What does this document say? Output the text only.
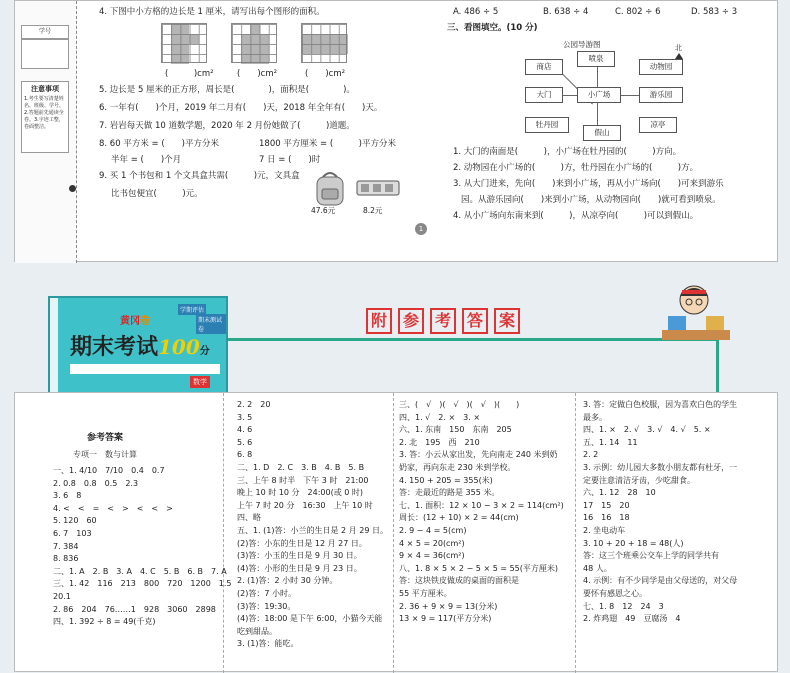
学号
注意事项
1.考生要写清楚姓名、班级、学号。2.答题前先通读全卷。3.字迹工整，卷面整洁。
4. 下图中小方格的边长是 1 厘米，请写出每个图形的面积。
(　　　)cm²	(　　)cm²	(　　)cm²
5. 边长是 5 厘米的正方形，周长是(　　　　)，面积是(　　　　)。
6. 一年有(　　)个月，2019 年二月有(　　)天，2018 年全年有(　　)天。
7. 岩岩每天做 10 道数学题，2020 年 2 月份她做了(　　　)道题。
8. 60 平方米 = (　　)平方分米	1800 平方厘米 = (　　　)平方分米
半年 = (　　)个月	7 日 = (　　)时
9. 买 1 个书包和 1 个文具盒共需(　　　)元，文具盒
比书包便宜(　　　)元。
47.6元	8.2元
1
A. 486 ÷ 5	B. 638 ÷ 4	C. 802 ÷ 6	D. 583 ÷ 3
三、看图填空。(10 分)
公园导游图	北
喷泉
商店	动物园
大门	小广场	游乐园
牡丹园
假山
凉亭
1. 大门的南面是(　　　)，小广场在牡丹园的(　　　)方向。
2. 动物园在小广场的(　　　)方，牡丹园在小广场的(　　　)方。
3. 从大门进来，先向(　　)来到小广场，再从小广场向(　　)可来到游乐
园。从游乐园向(　　)来到小广场，从动物园向(　　)就可看到喷泉。
4. 从小广场向东南来到(　　　)，从凉亭向(　　　)可以到假山。
附 参 考 答 案
黄冈卷
学期评估
期末测试卷
期末考试100分
数学
参考答案
专项一　数与计算
一、1. 4/10　7/10　0.4　0.7
2. 0.8　0.8　0.5　2.3
3. 6　8
4. <　<　=　<　>　<　<　>
5. 120　60
6. 7　103
7. 384
8. 836
二、1. A　2. B　3. A　4. C　5. B　6. B　7. A
三、1. 42　116　213　800　720　1200　1.5
20.1
2. 86　204　76……1　928　3060　2898
四、1. 392 ÷ 8 = 49(千克)
2. 2　20
3. 5
4. 6
5. 6
6. 8
二、1. D　2. C　3. B　4. B　5. B
三、上午 8 时半　下午 3 时　21:00
晚上 10 时 10 分　24:00(或 0 时)
上午 7 时 20 分　16:30　上午 10 时
四、略
五、1. (1)答：小兰的生日是 2 月 29 日。
(2)答：小东的生日是 12 月 27 日。
(3)答：小玉的生日是 9 月 30 日。
(4)答：小形的生日是 9 月 23 日。
2. (1)答：2 小时 30 分钟。
(2)答：7 小时。
(3)答：19:30。
(4)答：18:00 是下午 6:00，小猫今天能
吃到甜品。
3. (1)答：能吃。
三、(　√　)(　√　)(　√　)(　　)
四、1. √　2. ×　3. ×
六、1. 东南　150　东南　205
2. 北　195　西　210
3. 答：小云从家出发，先向南走 240 米到奶
奶家，再向东走 230 米到学校。
4. 150 + 205 = 355(米)
答：走最近的路是 355 米。
七、1. 面积：12 × 10 − 3 × 2 = 114(cm²)
周长：(12 + 10) × 2 = 44(cm)
2. 9 − 4 = 5(cm)
4 × 5 = 20(cm²)
9 × 4 = 36(cm²)
八、1. 8 × 5 × 2 − 5 × 5 = 55(平方厘米)
答：这块铁皮做成的桌面的面积是
55 平方厘米。
2. 36 + 9 × 9 = 13(分米)
13 × 9 = 117(平方分米)
3. 答：定做白色校服，因为喜欢白色的学生
最多。
四、1. ×　2. √　3. √　4. √　5. ×
五、1. 14　11
2. 2
3. 示例：幼儿园大多数小朋友都有杜牙，一
定要注意清洁牙齿，少吃甜食。
六、1. 12　28　10
17　15　20
16　16　18
2. 坐电动车
3. 10 + 20 + 18 = 48(人)
答：这三个班乘公交车上学的同学共有
48 人。
4. 示例：有不少同学是由父母送的，对父母
要怀有感恩之心。
七、1. 8　12　24　3
2. 炸鸡翅　49　豆腐汤　4
